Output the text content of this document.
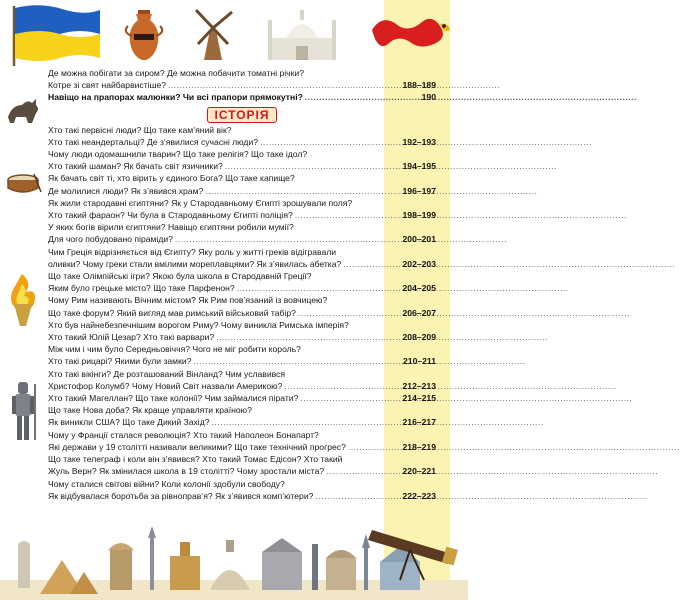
Де можна побігати за сиром? Де можна побачити томатні річки?
Котре зі свят найбарвистіше? .....	188–189
Навіщо на прапорах малюнки? Чи всі прапори прямокутні? .....	190
ІСТОРІЯ
Хто такі первісні люди? Що таке кам’яний вік?
Хто такі неандертальці? Де з’явилися сучасні люди? .....	192–193
Чому люди одомашнили тварин? Що таке релігія? Що таке ідол?
Хто такий шаман? Як бачать світ язичники? .....	194–195
Як бачать світ ті, хто вірить у єдиного Бога? Що таке капище?
Де молилися люди? Як з’явився храм? .....	196–197
Як жили стародавні єгиптяни? Як у Стародавньому Єгипті зрошували поля?
Хто такий фараон? Чи була в Стародавньому Єгипті поліція? .....	198–199
У яких богів вірили єгиптяни? Навіщо єгиптяни робили мумії?
Для чого побудовано піраміди? .....	200–201
Чим Греція відрізняється від Єгипту? Яку роль у житті греків відігравали
оливки? Чому греки стали вмілими мореплавцями? Як з’явилась абетка? .....	202–203
Що таке Олімпійські ігри? Якою була школа в Стародавній Греції?
Яким було грецьке місто? Що таке Парфенон? .....	204–205
Чому Рим називають Вічним містом? Як Рим пов’язаний із вовчицею?
Що таке форум? Який вигляд мав римський військовий табір? .....	206–207
Хто був найнебезпечнішим ворогом Риму? Чому виникла Римська імперія?
Хто такий Юлій Цезар? Хто такі варвари? .....	208–209
Між чим і чим було Середньовіччя? Чого не міг робити король?
Хто такі рицарі? Якими були замки? .....	210–211
Хто такі вікінги? Де розташований Вінланд? Чим уславився
Христофор Колумб? Чому Новий Світ назвали Америкою? .....	212–213
Хто такий Магеллан? Що таке колонії? Чим займалися пірати? .....	214–215
Що таке Нова доба? Як краще управляти країною?
Як виникли США? Що таке Дикий Захід? .....	216–217
Чому у Франції сталася революція? Хто такий Наполеон Бонапарт?
Які держави у 19 столітті називали великими? Що таке технічний прогрес? .....	218–219
Що таке телеграф і коли він з’явився? Хто такий Томас Едісон? Хто такий
Жуль Верн? Як змінилася школа в 19 столітті? Чому зростали міста? .....	220–221
Чому сталися світові війни? Коли колонії здобули свободу?
Як відбувалася боротьба за рівноправ’я? Як з’явився комп’ютери? .....	222–223
